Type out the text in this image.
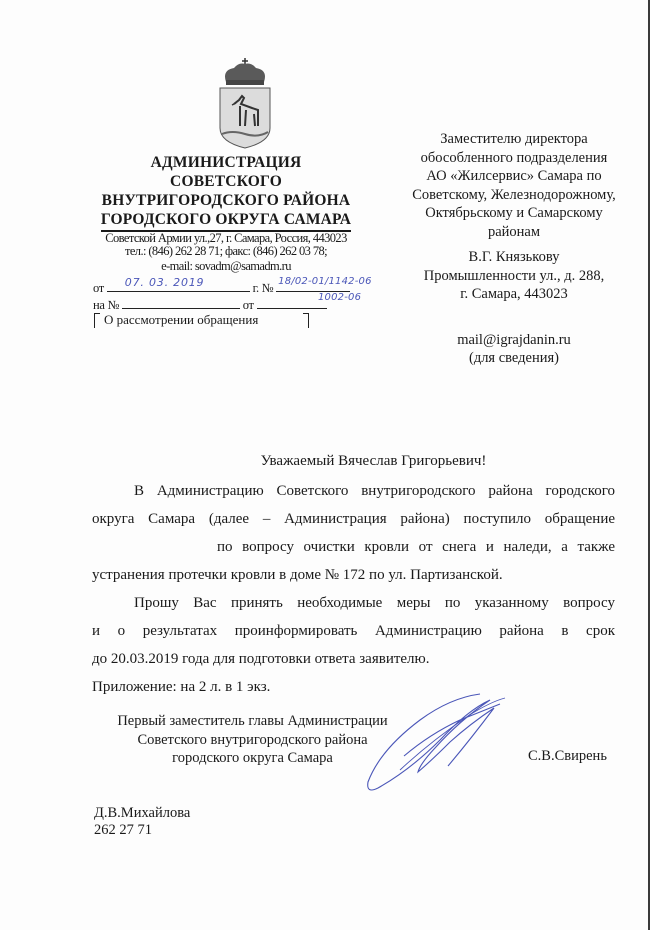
АДМИНИСТРАЦИЯ
СОВЕТСКОГО
ВНУТРИГОРОДСКОГО РАЙОНА
ГОРОДСКОГО ОКРУГА САМАРА
Советской Армии ул.,27, г. Самара, Россия, 443023
тел.: (846) 262 28 71; факс: (846) 262 03 78;
e-mail: sovadm@samadm.ru
от 07. 03. 2019	г. № 18/02-01/1142-06
1002-06
на №	от
О рассмотрении обращения
Заместителю директора
обособленного подразделения
АО «Жилсервис» Самара по
Советскому, Железнодорожному,
Октябрьскому и Самарскому
районам
В.Г. Князькову
Промышленности ул., д. 288,
г. Самара, 443023
mail@igrajdanin.ru
(для сведения)
Уважаемый Вячеслав Григорьевич!
В Администрацию Советского внутригородского района городского
округа Самара (далее – Администрация района) поступило обращение
по вопросу очистки кровли от снега и наледи, а также
устранения протечки кровли в доме № 172 по ул. Партизанской.
Прошу Вас принять необходимые меры по указанному вопросу
и о результатах проинформировать Администрацию района в срок
до 20.03.2019 года для подготовки ответа заявителю.
Приложение: на 2 л. в 1 экз.
Первый заместитель главы Администрации
Советского внутригородского района
городского округа Самара	С.В.Свирень
Д.В.Михайлова
262 27 71
